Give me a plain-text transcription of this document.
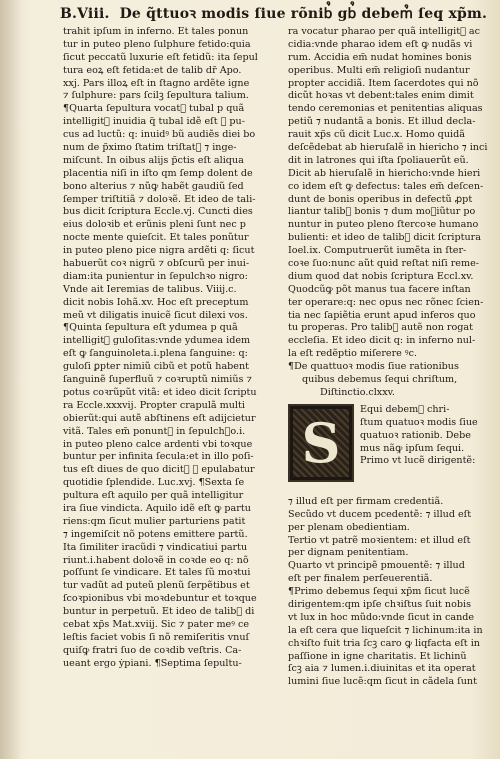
B.Viii. De q̃ttuoꝛ modis ſiue rõnib᷒ gb᷒ debem᷒ ſeq xp̃m.
trahit ipſum in inferno. Et tales ponun
tur in puteo pleno ſulphure fetido:quia
ſicut peccatũ luxurie eſt fetidũ: ita ſepul
tura eoꝝ eſt fetida:et de talib᷒ dr̃ Apo.
xxj. Pars illoꝝ eſt in ſtagno ardẽte igne
⁊ ſulphure: pars ſcilꝫ ſepultura talium.
¶Quarta ſepultura vocat᷑ tubal p quã
intelligit᷑ inuidia q̃ tubal idẽ eſt ꝙ pu-
cus ad luctũ: q: inuidꝰ bũ audiẽs diei bo
num de p̃ximo ſtatim triſtat᷑ ⁊ inge-
miſcunt. In oibus alijs p̃ctis eſt aliqua
placentia niſi in iſto qm ſemp dolent de
bono alterius ⁊ nũꝙ habẽt gaudiũ ſed
ſemper triſtitiã ⁊ doloꝛẽ. Et ideo de tali-
bus dicit ſcriptura Eccle.vj. Cuncti dies
eius doloꝛib᷒ et erũnis pleni ſunt nec p
nocte mente quieſcit. Et tales ponũtur
in puteo pleno pice nigra ardẽti q: ſicut
habuerũt coꝛ nigrũ ⁊ obſcurũ per inui-
diam:ita punientur in ſepulchꝛo nigro:
Vnde ait Ieremias de talibus. Viiij.c.
dicit nobis Iohã.xv. Hoc eſt preceptum
meũ vt diligatis inuicẽ ſicut dilexi vos.
¶Quinta ſepultura eſt ydumea p quã
intelligit᷑ guloſitas:vnde ydumea idem
eſt ꝙ ſanguinoleta.i.plena ſanguine: q:
guloſi ꝑpter nimiũ cibũ et potũ habent
ſanguinẽ ſuperfluũ ⁊ coꝛruptũ nimiũs ⁊
potus coꝛrũpũt vitã: et ideo dicit ſcriptu
ra Eccle.xxxvij. Propter crapulã multi
obierũt:qui autẽ abſtinens eſt adijcietur
vitã. Tales em̃ ponunt᷑ in ſepulchꝛo.i.
in puteo pleno calce ardenti vbi toꝛque
buntur per infinita ſecula:et in illo poſi-
tus eſt diues de quo dicit᷑ ꝙ epulabatur
quotidie ſplendide. Luc.xvj. ¶Sexta ſe
pultura eſt aquilo per quã intelligitur
ira ſiue vindicta. Aquilo idẽ eſt ꝙ partu
riens:qm ſicut mulier parturiens patit
⁊ ingemiſcit nõ potens emittere partũ.
Ita ſimiliter iracũdi ⁊ vindicatiui partu
riunt.i.habent doloꝛẽ in coꝛde eo q: nõ
poſſunt ſe vindicare. Et tales ſũ moꝛtui
tur vadũt ad puteũ plenũ ſerpẽtibus et
ſcoꝛpionibus vbi moꝛdebuntur et toꝛque
buntur in perpetuũ. Et ideo de talib᷒ di
cebat xp̃s Mat.xviij. Sic ⁊ pater meꝰ ce
leſtis faciet vobis ſi nõ remiſeritis vnuſ
quiſꝙ fratri ſuo de coꝛdib᷒ veſtris. Ca-
ueant ergo ẏpiani. ¶Septima ſepultu-
ra vocatur pharao per quã intelligit᷑ ac
cidia:vnde pharao idem eſt ꝙ nudãs vi
rum. Accidia em̃ nudat homines bonis
operibus. Multi em̃ religioſi nudantur
propter accidiã. Item ſacerdotes qui nõ
dicũt hoꝛas vt debent:tales enim dimit
tendo ceremonias et penitentias aliquas
petiũ ⁊ nudantã a bonis. Et illud decla-
rauit xp̃s cũ dicit Luc.x. Homo quidã
deſcẽdebat ab hieruſalẽ in hiericho ⁊ inci
dit in latrones qui iſta ſpoliauerũt eũ.
Dicit ab hieruſalẽ in hiericho:vnde hieri
co idem eſt ꝙ defectus: tales em̃ deſcen-
dunt de bonis operibus in defectũ ꝓpt
liantur talib᷒ bonis ⁊ dum moꝛiũtur po
nuntur in puteo pleno ſtercoꝛe humano
bulienti: et ideo de talib᷒ dicit ſcriptura
Ioel.ix. Computruerũt iumẽta in ſter-
coꝛe ſuo:nunc aũt quid reſtat niſi reme-
dium quod dat nobis ſcriptura Eccl.xv.
Quodcũꝙ põt manus tua facere inſtan
ter operare:q: nec opus nec rõnec ſcien-
tia nec ſapiẽtia erunt apud inferos quo
tu properas. Pro talib᷒ autẽ non rogat
eccleſia. Et ideo dicit q: in inferno nul-
la eſt redẽptio miſerere ꝰc.
¶De quattuoꝛ modis ſiue rationibus
quibus debemus ſequi chriſtum,
Diſtinctio.clxxv.
S
Equi debem᷒ chri-
ſtum quatuoꝛ modis ſiue
quatuoꝛ rationib᷒. Debe
mus nãꝙ ipſum ſequi.
Primo vt lucẽ dirigentẽ:
⁊ illud eſt per firmam credentiã.
Secũdo vt ducem pcedentẽ: ⁊ illud eſt
per plenam obedientiam.
Tertio vt patrẽ moꝛientem: et illud eſt
per dignam penitentiam.
Quarto vt principẽ pmouentẽ: ⁊ illud
eſt per finalem perſeuerentiã.
¶Primo debemus ſequi xp̃m ſicut lucẽ
dirigentem:qm ipſe chꝛiſtus ſuit nobis
vt lux in hoc mũdo:vnde ſicut in cande
la eſt cera que liqueſcit ⁊ lichinum:ita in
chꝛiſto fuit tria ſcꝫ caro ꝙ liqfacta eſt in
paſſione in igne charitatis. Et lichinũ
ſcꝫ aia ⁊ lumen.i.diuinitas et ita operat
lumini ſiue lucẽ:qm ſicut in cãdela ſunt
